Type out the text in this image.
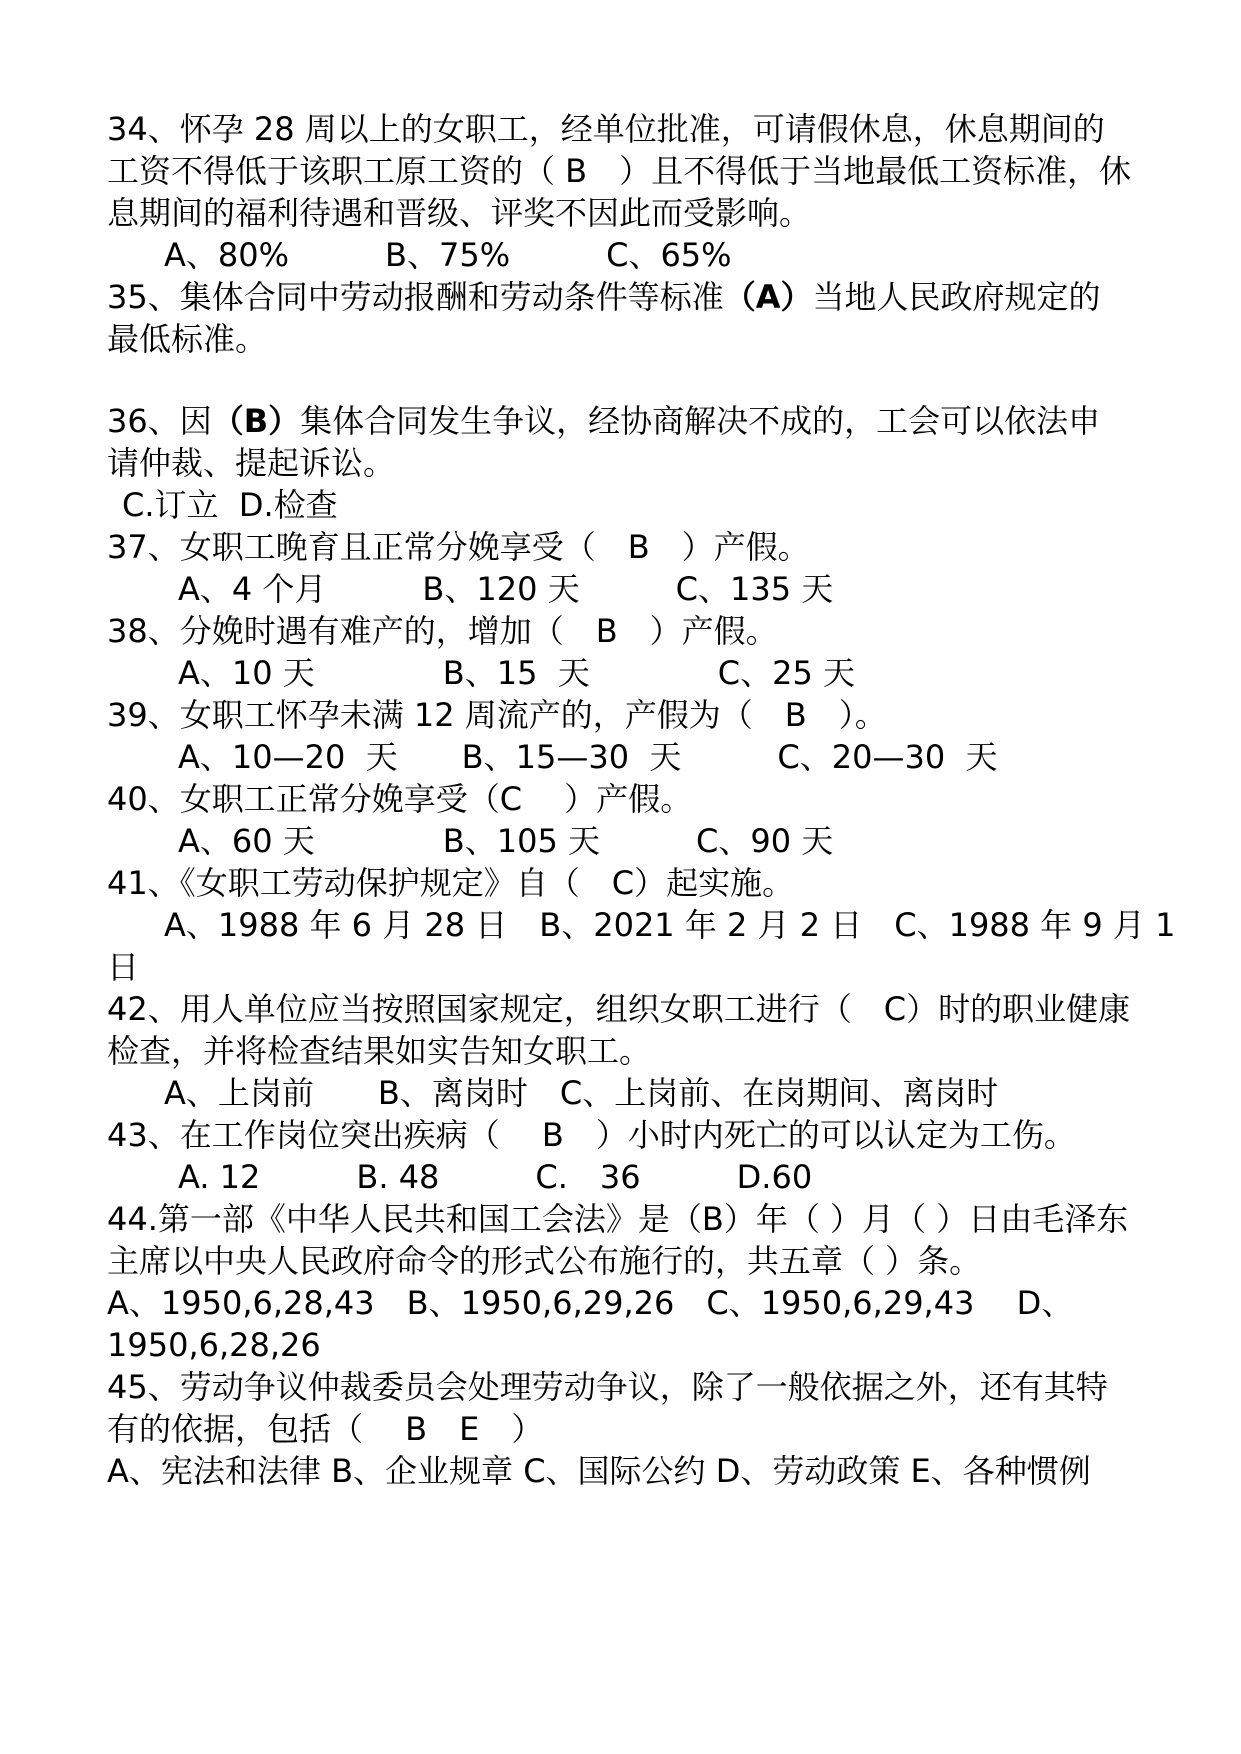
34、怀孕 28 周以上的女职工，经单位批准，可请假休息，休息期间的
工资不得低于该职工原工资的（ B　）且不得低于当地最低工资标准，休
息期间的福利待遇和晋级、评奖不因此而受影响。
A、80%　　　B、75%　　　C、65%
35、集体合同中劳动报酬和劳动条件等标准（A）当地人民政府规定的
最低标准。
36、因（B）集体合同发生争议，经协商解决不成的，工会可以依法申
请仲裁、提起诉讼。
C.订立  D.检查
37、女职工晚育且正常分娩享受（　B　）产假。
A、4 个月　　　B、120 天　　　C、135 天
38、分娩时遇有难产的，增加（　B　）产假。
A、10 天　　　　B、15  天　　　　C、25 天
39、女职工怀孕未满 12 周流产的，产假为（　B　）。
A、10—20  天　　B、15—30  天　　　C、20—30  天
40、女职工正常分娩享受（C　 ）产假。
A、60 天　　　　B、105 天　　　C、90 天
41、《女职工劳动保护规定》自（　C）起实施。
A、1988 年 6 月 28 日　B、2021 年 2 月 2 日　C、1988 年 9 月 1
日
42、用人单位应当按照国家规定，组织女职工进行（　C）时的职业健康
检查，并将检查结果如实告知女职工。
A、上岗前　　B、离岗时　C、上岗前、在岗期间、离岗时
43、在工作岗位突出疾病（　 B　）小时内死亡的可以认定为工伤。
A. 12　　　B. 48　　　C.　36　　　D.60
44.第一部《中华人民共和国工会法》是（B）年（ ）月（ ）日由毛泽东
主席以中央人民政府命令的形式公布施行的，共五章（ ）条。
A、1950,6,28,43　B、1950,6,29,26　C、1950,6,29,43　 D、
1950,6,28,26
45、劳动争议仲裁委员会处理劳动争议，除了一般依据之外，还有其特
有的依据，包括（　 B　E　）
A、宪法和法律 B、企业规章 C、国际公约 D、劳动政策 E、各种惯例
